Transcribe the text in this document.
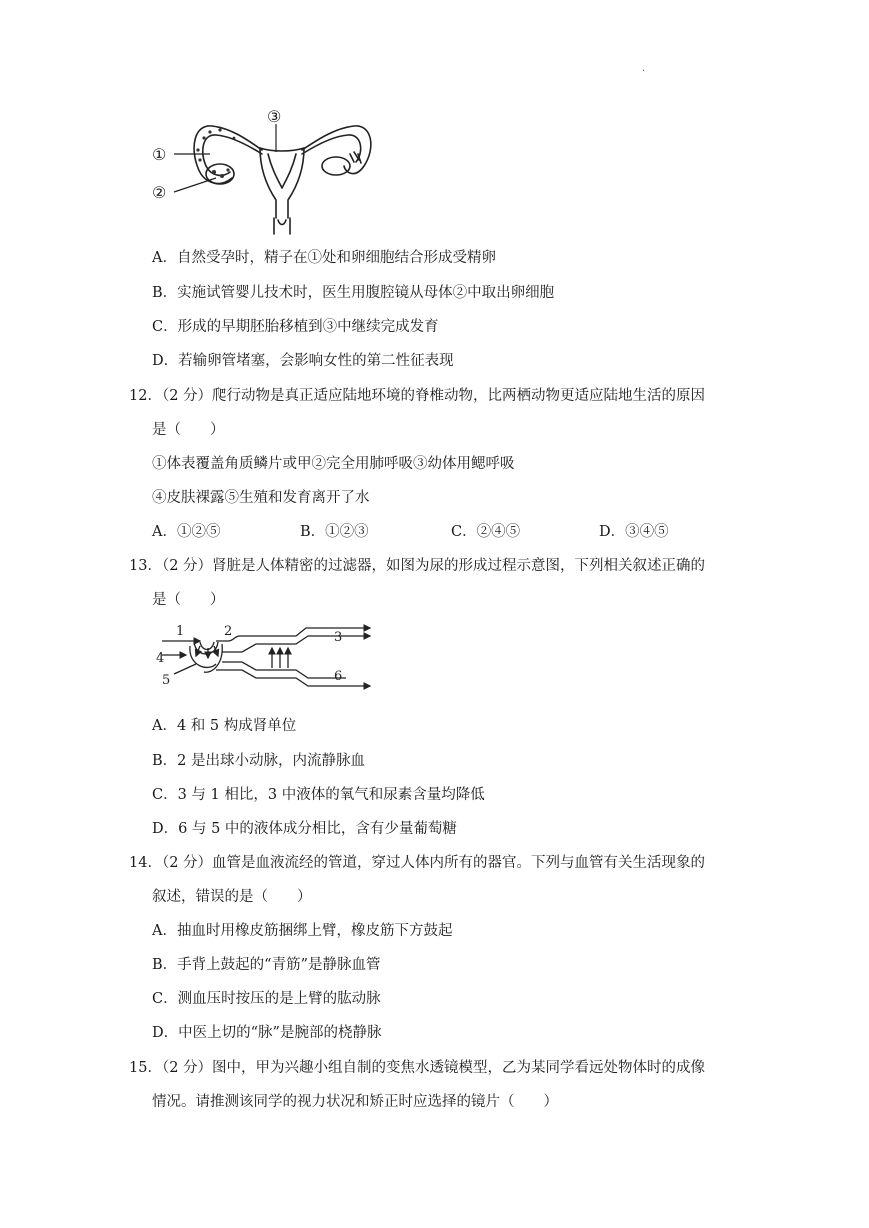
·
①
②
③
A．自然受孕时，精子在①处和卵细胞结合形成受精卵
B．实施试管婴儿技术时，医生用腹腔镜从母体②中取出卵细胞
C．形成的早期胚胎移植到③中继续完成发育
D．若输卵管堵塞，会影响女性的第二性征表现
12．（2 分）爬行动物是真正适应陆地环境的脊椎动物，比两栖动物更适应陆地生活的原因
是（　　）
①体表覆盖角质鳞片或甲②完全用肺呼吸③幼体用鳃呼吸
④皮肤裸露⑤生殖和发育离开了水
A．①②⑤	B．①②③	C．②④⑤	D．③④⑤
13．（2 分）肾脏是人体精密的过滤器，如图为尿的形成过程示意图，下列相关叙述正确的
是（　　）
1	2	3
4
5	6
A．4 和 5 构成肾单位
B．2 是出球小动脉，内流静脉血
C．3 与 1 相比，3 中液体的氧气和尿素含量均降低
D．6 与 5 中的液体成分相比，含有少量葡萄糖
14．（2 分）血管是血液流经的管道，穿过人体内所有的器官。下列与血管有关生活现象的
叙述，错误的是（　　）
A．抽血时用橡皮筋捆绑上臂，橡皮筋下方鼓起
B．手背上鼓起的“青筋”是静脉血管
C．测血压时按压的是上臂的肱动脉
D．中医上切的“脉”是腕部的桡静脉
15．（2 分）图中，甲为兴趣小组自制的变焦水透镜模型，乙为某同学看远处物体时的成像
情况。请推测该同学的视力状况和矫正时应选择的镜片（　　）
